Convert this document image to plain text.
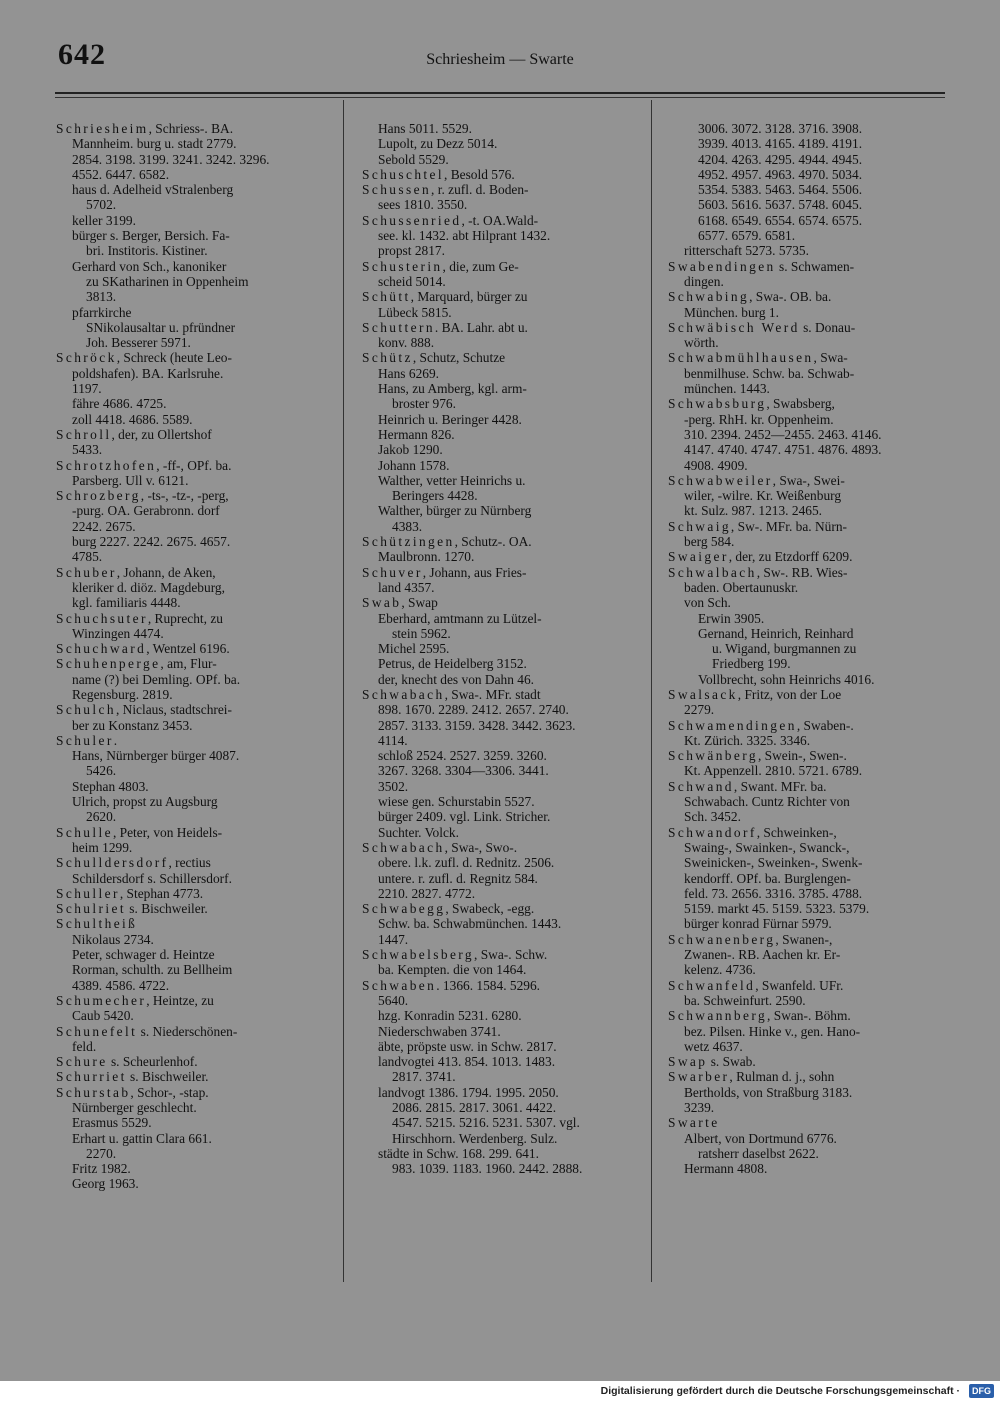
642	Schriesheim — Swarte
Schriesheim, Schriess-. BA.
Mannheim. burg u. stadt 2779.
2854. 3198. 3199. 3241. 3242. 3296.
4552. 6447. 6582.
haus d. Adelheid vStralenberg
5702.
keller 3199.
bürger s. Berger, Bersich. Fa-
bri. Institoris. Kistiner.
Gerhard von Sch., kanoniker
zu SKatharinen in Oppenheim
3813.
pfarrkirche
SNikolausaltar u. pfründner
Joh. Besserer 5971.
Schröck, Schreck (heute Leo-
poldshafen). BA. Karlsruhe.
1197.
fähre 4686. 4725.
zoll 4418. 4686. 5589.
Schroll, der, zu Ollertshof
5433.
Schrotzhofen, -ff-, OPf. ba.
Parsberg. Ull v. 6121.
Schrozberg, -ts-, -tz-, -perg,
-purg. OA. Gerabronn. dorf
2242. 2675.
burg 2227. 2242. 2675. 4657.
4785.
Schuber, Johann, de Aken,
kleriker d. diöz. Magdeburg,
kgl. familiaris 4448.
Schuchsuter, Ruprecht, zu
Winzingen 4474.
Schuchward, Wentzel 6196.
Schuhenperge, am, Flur-
name (?) bei Demling. OPf. ba.
Regensburg. 2819.
Schulch, Niclaus, stadtschrei-
ber zu Konstanz 3453.
Schuler.
Hans, Nürnberger bürger 4087.
5426.
Stephan 4803.
Ulrich, propst zu Augsburg
2620.
Schulle, Peter, von Heidels-
heim 1299.
Schulldersdorf, rectius
Schildersdorf s. Schillersdorf.
Schuller, Stephan 4773.
Schulriet s. Bischweiler.
Schultheiß
Nikolaus 2734.
Peter, schwager d. Heintze
Rorman, schulth. zu Bellheim
4389. 4586. 4722.
Schumecher, Heintze, zu
Caub 5420.
Schunefelt s. Niederschönen-
feld.
Schure s. Scheurlenhof.
Schurriet s. Bischweiler.
Schurstab, Schor-, -stap.
Nürnberger geschlecht.
Erasmus 5529.
Erhart u. gattin Clara 661.
2270.
Fritz 1982.
Georg 1963.
Hans 5011. 5529.
Lupolt, zu Dezz 5014.
Sebold 5529.
Schuschtel, Besold 576.
Schussen, r. zufl. d. Boden-
sees 1810. 3550.
Schussenried, -t. OA.Wald-
see. kl. 1432. abt Hilprant 1432.
propst 2817.
Schusterin, die, zum Ge-
scheid 5014.
Schütt, Marquard, bürger zu
Lübeck 5815.
Schuttern. BA. Lahr. abt u.
konv. 888.
Schütz, Schutz, Schutze
Hans 6269.
Hans, zu Amberg, kgl. arm-
broster 976.
Heinrich u. Beringer 4428.
Hermann 826.
Jakob 1290.
Johann 1578.
Walther, vetter Heinrichs u.
Beringers 4428.
Walther, bürger zu Nürnberg
4383.
Schützingen, Schutz-. OA.
Maulbronn. 1270.
Schuver, Johann, aus Fries-
land 4357.
Swab, Swap
Eberhard, amtmann zu Lützel-
stein 5962.
Michel 2595.
Petrus, de Heidelberg 3152.
der, knecht des von Dahn 46.
Schwabach, Swa-. MFr. stadt
898. 1670. 2289. 2412. 2657. 2740.
2857. 3133. 3159. 3428. 3442. 3623.
4114.
schloß 2524. 2527. 3259. 3260.
3267. 3268. 3304—3306. 3441.
3502.
wiese gen. Schurstabin 5527.
bürger 2409. vgl. Link. Stricher.
Suchter. Volck.
Schwabach, Swa-, Swo-.
obere. l.k. zufl. d. Rednitz. 2506.
untere. r. zufl. d. Regnitz 584.
2210. 2827. 4772.
Schwabegg, Swabeck, -egg.
Schw. ba. Schwabmünchen. 1443.
1447.
Schwabelsberg, Swa-. Schw.
ba. Kempten. die von 1464.
Schwaben. 1366. 1584. 5296.
5640.
hzg. Konradin 5231. 6280.
Niederschwaben 3741.
äbte, pröpste usw. in Schw. 2817.
landvogtei 413. 854. 1013. 1483.
2817. 3741.
landvogt 1386. 1794. 1995. 2050.
2086. 2815. 2817. 3061. 4422.
4547. 5215. 5216. 5231. 5307. vgl.
Hirschhorn. Werdenberg. Sulz.
städte in Schw. 168. 299. 641.
983. 1039. 1183. 1960. 2442. 2888.
3006. 3072. 3128. 3716. 3908.
3939. 4013. 4165. 4189. 4191.
4204. 4263. 4295. 4944. 4945.
4952. 4957. 4963. 4970. 5034.
5354. 5383. 5463. 5464. 5506.
5603. 5616. 5637. 5748. 6045.
6168. 6549. 6554. 6574. 6575.
6577. 6579. 6581.
ritterschaft 5273. 5735.
Swabendingen s. Schwamen-
dingen.
Schwabing, Swa-. OB. ba.
München. burg 1.
Schwäbisch Werd s. Donau-
wörth.
Schwabmühlhausen, Swa-
benmilhuse. Schw. ba. Schwab-
münchen. 1443.
Schwabsburg, Swabsberg,
-perg. RhH. kr. Oppenheim.
310. 2394. 2452—2455. 2463. 4146.
4147. 4740. 4747. 4751. 4876. 4893.
4908. 4909.
Schwabweiler, Swa-, Swei-
wiler, -wilre. Kr. Weißenburg
kt. Sulz. 987. 1213. 2465.
Schwaig, Sw-. MFr. ba. Nürn-
berg 584.
Swaiger, der, zu Etzdorff 6209.
Schwalbach, Sw-. RB. Wies-
baden. Obertaunuskr.
von Sch.
Erwin 3905.
Gernand, Heinrich, Reinhard
u. Wigand, burgmannen zu
Friedberg 199.
Vollbrecht, sohn Heinrichs 4016.
Swalsack, Fritz, von der Loe
2279.
Schwamendingen, Swaben-.
Kt. Zürich. 3325. 3346.
Schwänberg, Swein-, Swen-.
Kt. Appenzell. 2810. 5721. 6789.
Schwand, Swant. MFr. ba.
Schwabach. Cuntz Richter von
Sch. 3452.
Schwandorf, Schweinken-,
Swaing-, Swainken-, Swanck-,
Sweinicken-, Sweinken-, Swenk-
kendorff. OPf. ba. Burglengen-
feld. 73. 2656. 3316. 3785. 4788.
5159. markt 45. 5159. 5323. 5379.
bürger konrad Fürnar 5979.
Schwanenberg, Swanen-,
Zwanen-. RB. Aachen kr. Er-
kelenz. 4736.
Schwanfeld, Swanfeld. UFr.
ba. Schweinfurt. 2590.
Schwannberg, Swan-. Böhm.
bez. Pilsen. Hinke v., gen. Hano-
wetz 4637.
Swap s. Swab.
Swarber, Rulman d. j., sohn
Bertholds, von Straßburg 3183.
3239.
Swarte
Albert, von Dortmund 6776.
ratsherr daselbst 2622.
Hermann 4808.
Digitalisierung gefördert durch die Deutsche Forschungsgemeinschaft ·	DFG
